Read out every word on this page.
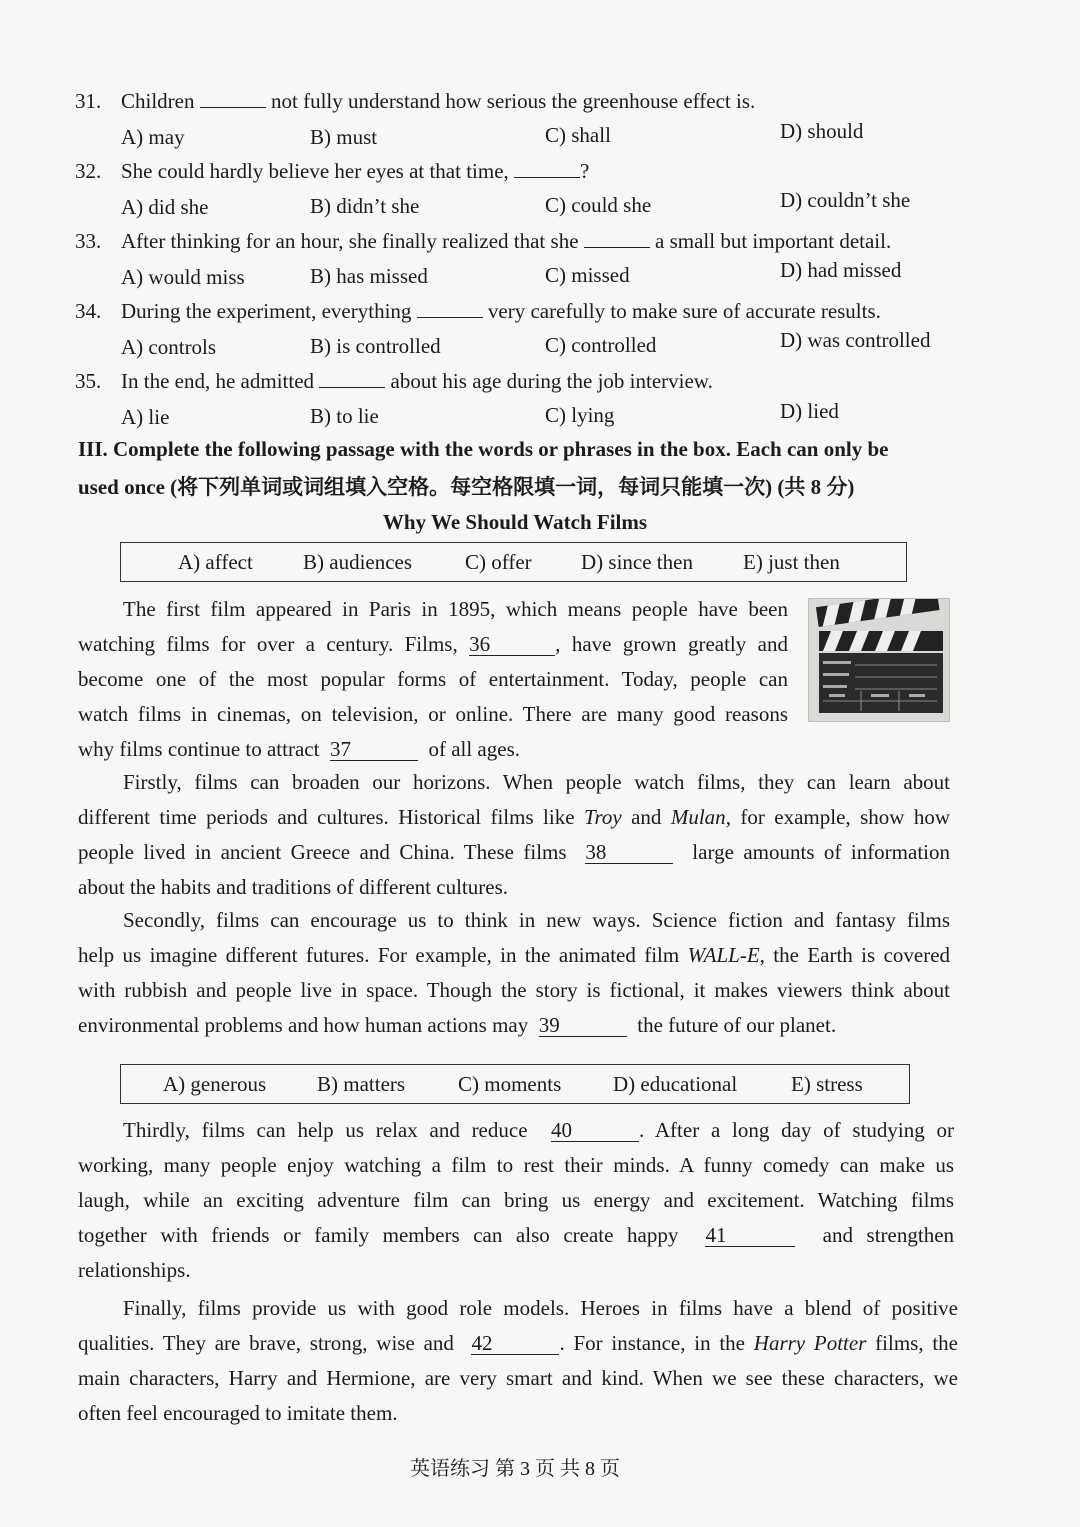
31. Children	not fully understand how serious the greenhouse effect is.
A) may	B) must	C) shall	D) should
32. She could hardly believe her eyes at that time,	?
A) did she	B) didn’t she	C) could she	D) couldn’t she
33. After thinking for an hour, she finally realized that she	a small but important detail.
A) would miss	B) has missed	C) missed	D) had missed
34. During the experiment, everything	very carefully to make sure of accurate results.
A) controls	B) is controlled	C) controlled	D) was controlled
35. In the end, he admitted	about his age during the job interview.
A) lie	B) to lie	C) lying	D) lied
III. Complete the following passage with the words or phrases in the box. Each can only be
used once (将下列单词或词组填入空格。每空格限填一词，每词只能填一次) (共 8 分)
Why We Should Watch Films
A) affect B) audiences	C) offer D) since then E) just then
The first film appeared in Paris in 1895, which means people have been
watching films for over a century. Films, 36	, have grown greatly and
become one of the most popular forms of entertainment. Today, people can
watch films in cinemas, on television, or online. There are many good reasons
why films continue to attract 37	of all ages.
Firstly, films can broaden our horizons. When people watch films, they can learn about
different time periods and cultures. Historical films like Troy and Mulan, for example, show how
people lived in ancient Greece and China. These films 38	large amounts of information
about the habits and traditions of different cultures.
Secondly, films can encourage us to think in new ways. Science fiction and fantasy films
help us imagine different futures. For example, in the animated film WALL-E, the Earth is covered
with rubbish and people live in space. Though the story is fictional, it makes viewers think about
environmental problems and how human actions may 39	the future of our planet.
A) generous B) matters	C) moments D) educational	E) stress
Thirdly, films can help us relax and reduce 40	. After a long day of studying or
working, many people enjoy watching a film to rest their minds. A funny comedy can make us
laugh, while an exciting adventure film can bring us energy and excitement. Watching films
together with friends or family members can also create happy 41	and strengthen
relationships.
Finally, films provide us with good role models. Heroes in films have a blend of positive
qualities. They are brave, strong, wise and 42	. For instance, in the Harry Potter films, the
main characters, Harry and Hermione, are very smart and kind. When we see these characters, we
often feel encouraged to imitate them.
英语练习 第 3 页 共 8 页
